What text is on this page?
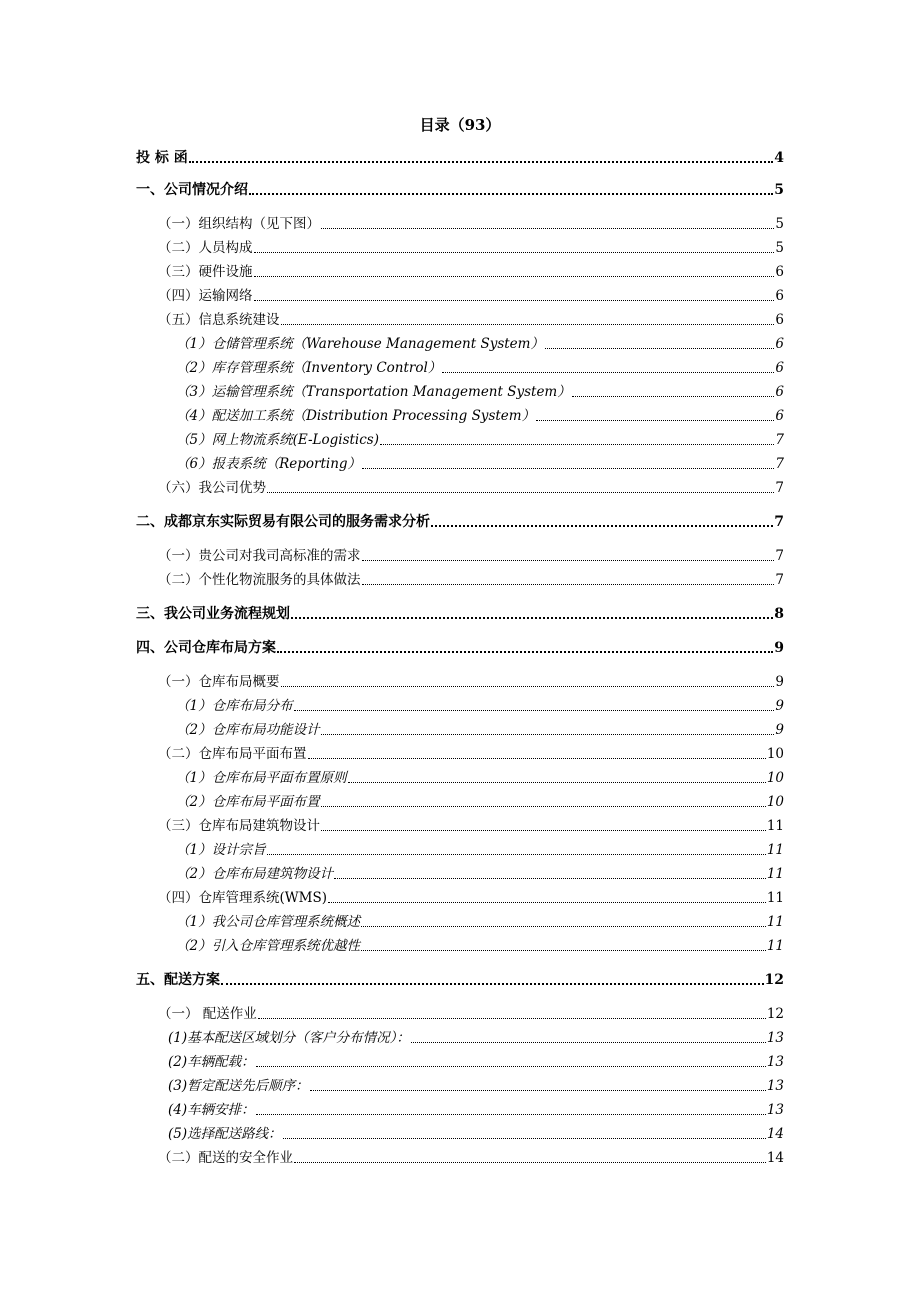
目录（93）
投 标 函	4
一、公司情况介绍	5
（一）组织结构（见下图）	5
（二）人员构成	5
（三）硬件设施	6
（四）运输网络	6
（五）信息系统建设	6
（1）仓储管理系统（Warehouse Management System）	6
（2）库存管理系统（Inventory Control）	6
（3）运输管理系统（Transportation Management System）	6
（4）配送加工系统（Distribution Processing System）	6
（5）网上物流系统(E-Logistics)	7
（6）报表系统（Reporting）	7
（六）我公司优势	7
二、成都京东实际贸易有限公司的服务需求分析	7
（一）贵公司对我司高标准的需求	7
（二）个性化物流服务的具体做法	7
三、我公司业务流程规划	8
四、公司仓库布局方案	9
（一）仓库布局概要	9
（1）仓库布局分布	9
（2）仓库布局功能设计	9
（二）仓库布局平面布置	10
（1）仓库布局平面布置原则	10
（2）仓库布局平面布置	10
（三）仓库布局建筑物设计	11
（1）设计宗旨	11
（2）仓库布局建筑物设计	11
（四）仓库管理系统(WMS)	11
（1）我公司仓库管理系统概述	11
（2）引入仓库管理系统优越性	11
五、配送方案	12
（一） 配送作业	12
(1)基本配送区域划分（客户分布情况）：	13
(2)车辆配载：	13
(3)暂定配送先后顺序：	13
(4)车辆安排：	13
(5)选择配送路线：	14
（二）配送的安全作业	14
